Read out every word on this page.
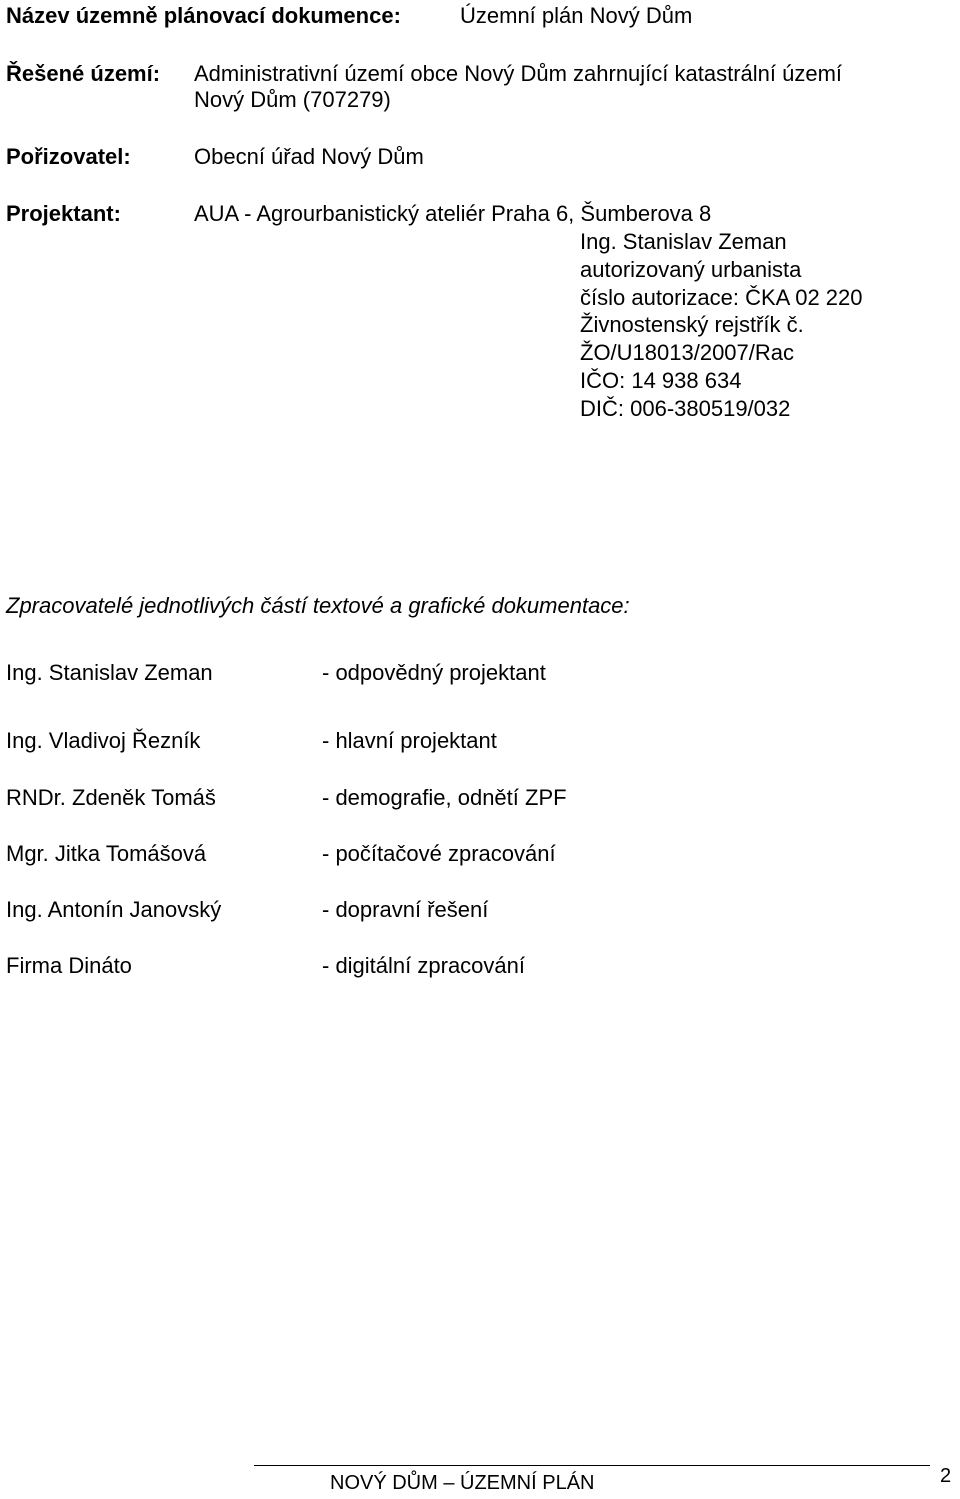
Název územně plánovací dokumence:	Územní plán Nový Dům
Řešené území: Administrativní území obce Nový Dům zahrnující katastrální území
Nový Dům (707279)
Pořizovatel:	Obecní úřad Nový Dům
Projektant:	AUA - Agrourbanistický ateliér Praha 6, Šumberova 8
Ing. Stanislav Zeman
autorizovaný urbanista
číslo autorizace: ČKA 02 220
Živnostenský rejstřík č.
ŽO/U18013/2007/Rac
IČO: 14 938 634
DIČ: 006-380519/032
Zpracovatelé jednotlivých částí textové a grafické dokumentace:
Ing. Stanislav Zeman	- odpovědný projektant
Ing. Vladivoj Řezník	- hlavní projektant
RNDr. Zdeněk Tomáš	- demografie, odnětí ZPF
Mgr. Jitka Tomášová	- počítačové zpracování
Ing. Antonín Janovský	- dopravní řešení
Firma Dináto	- digitální zpracování
NOVÝ DŮM – ÚZEMNÍ PLÁN	2
